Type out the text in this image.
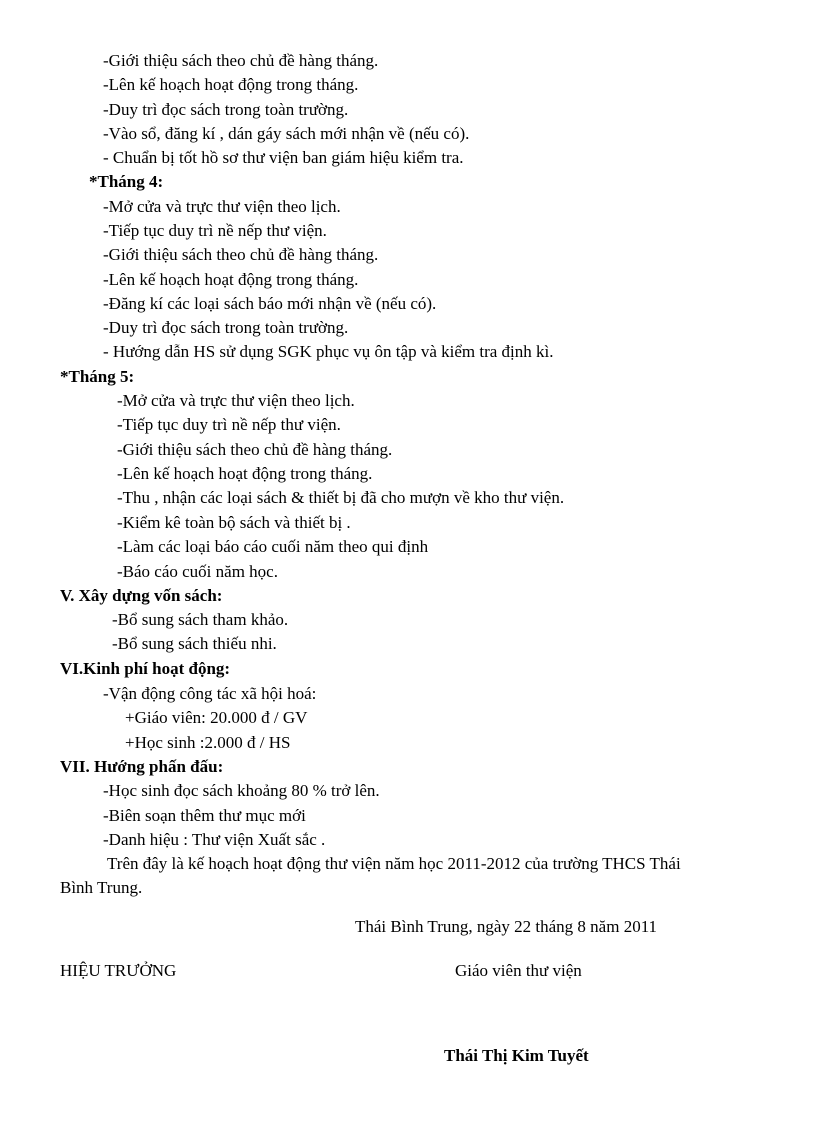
-Giới thiệu sách theo chủ đề hàng tháng.
-Lên kế hoạch hoạt động trong tháng.
-Duy trì đọc sách trong toàn trường.
-Vào sổ, đăng kí , dán gáy sách mới nhận về (nếu có).
- Chuẩn bị tốt hồ sơ thư viện ban giám hiệu kiểm tra.
*Tháng 4:
-Mở cửa và trực thư viện theo lịch.
-Tiếp tục duy trì nề nếp thư viện.
-Giới thiệu sách theo chủ đề hàng tháng.
-Lên kế hoạch hoạt động trong tháng.
-Đăng kí các loại sách báo mới nhận về (nếu có).
-Duy trì đọc sách trong toàn trường.
- Hướng dẫn HS sử dụng SGK phục vụ ôn tập và kiểm tra định kì.
*Tháng 5:
-Mở cửa và trực thư viện theo lịch.
-Tiếp tục duy trì nề nếp thư viện.
-Giới thiệu sách theo chủ đề hàng tháng.
-Lên kế hoạch hoạt động trong tháng.
-Thu , nhận các loại sách & thiết bị đã cho mượn về kho thư viện.
-Kiểm kê toàn bộ sách và thiết bị .
-Làm các loại báo cáo cuối năm theo qui định
-Báo cáo cuối năm học.
V. Xây dựng vốn sách:
-Bổ sung sách tham khảo.
-Bổ sung sách thiếu nhi.
VI.Kinh phí hoạt động:
-Vận động công tác xã hội hoá:
+Giáo viên: 20.000 đ / GV
+Học sinh :2.000 đ / HS
VII. Hướng phấn đấu:
-Học sinh đọc sách khoảng 80 % trở lên.
-Biên soạn thêm thư mục mới
-Danh hiệu : Thư viện Xuất sắc .
Trên đây là kế hoạch hoạt động thư viện năm học 2011-2012 của trường THCS Thái
Bình Trung.
Thái Bình Trung, ngày 22 tháng 8 năm 2011
HIỆU TRƯỞNG	Giáo viên thư viện
Thái Thị Kim Tuyết
